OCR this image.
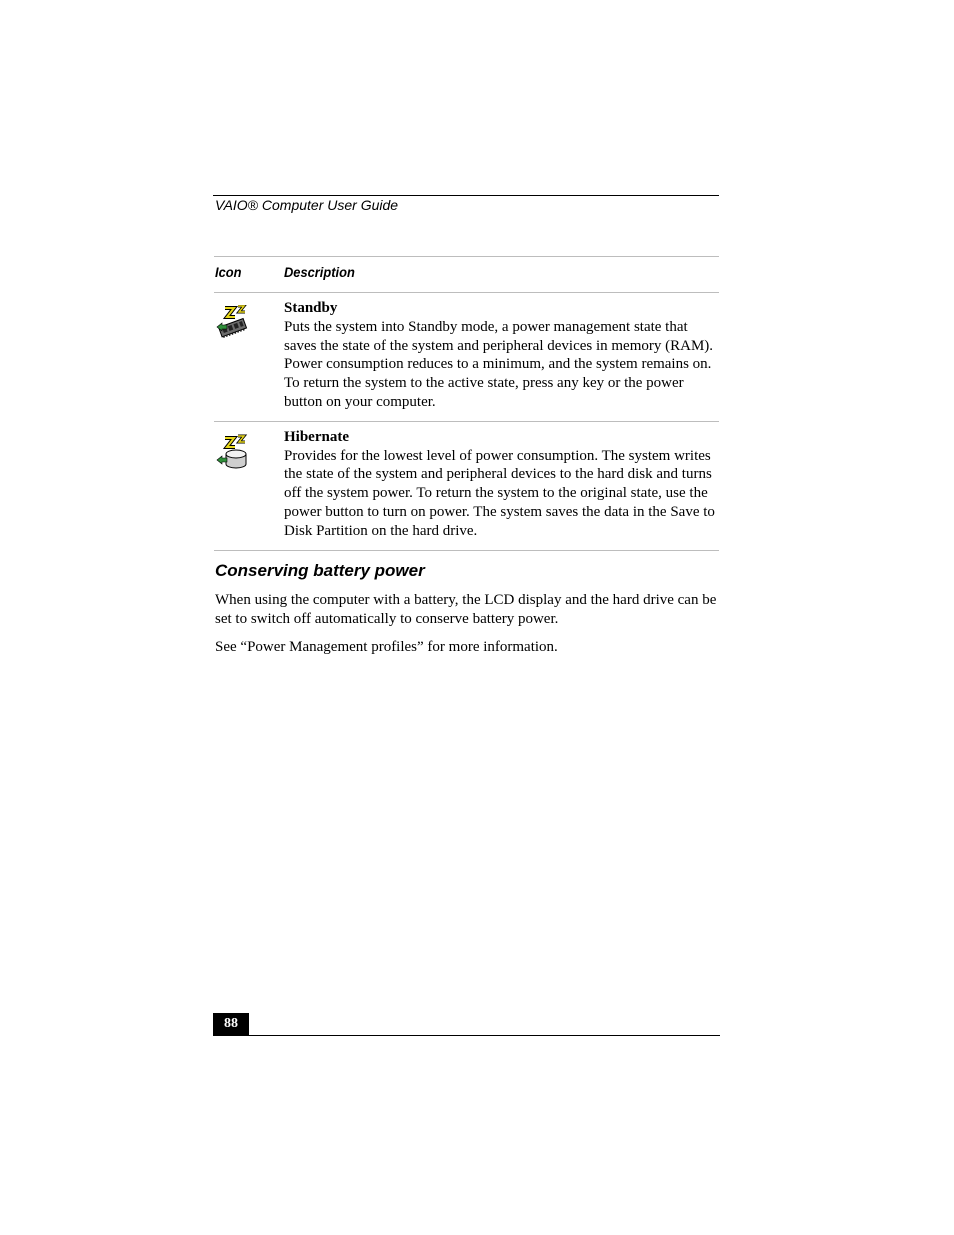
VAIO® Computer User Guide
Icon	Description
Standby
Puts the system into Standby mode, a power management state that saves the state of the system and peripheral devices in memory (RAM). Power consumption reduces to a minimum, and the system remains on. To return the system to the active state, press any key or the power button on your computer.
Hibernate
Provides for the lowest level of power consumption. The system writes the state of the system and peripheral devices to the hard disk and turns off the system power. To return the system to the original state, use the power button to turn on power. The system saves the data in the Save to Disk Partition on the hard drive.
Conserving battery power
When using the computer with a battery, the LCD display and the hard drive can be set to switch off automatically to conserve battery power.
See “Power Management profiles” for more information.
88
